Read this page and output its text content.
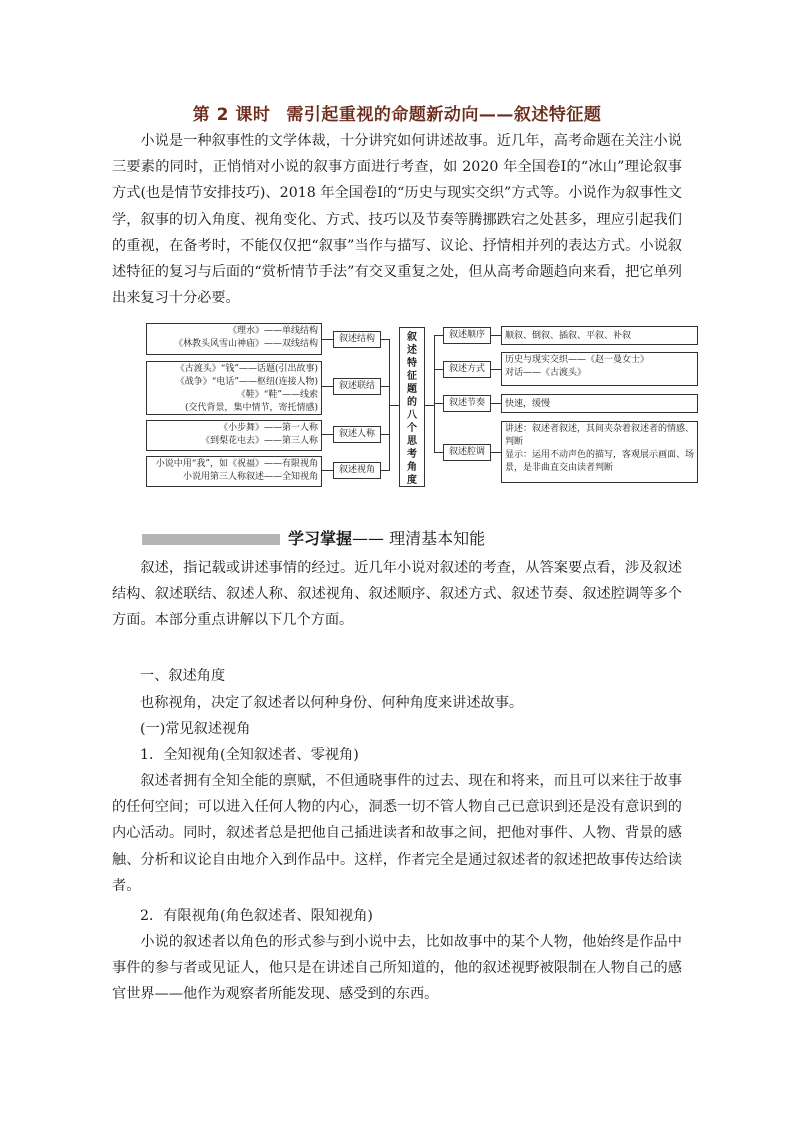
第 2 课时 需引起重视的命题新动向——叙述特征题

小说是一种叙事性的文学体裁，十分讲究如何讲述故事。近几年，高考命题在关注小说三要素的同时，正悄悄对小说的叙事方面进行考查，如 2020 年全国卷Ⅰ的“冰山”理论叙事方式(也是情节安排技巧)、2018 年全国卷Ⅰ的“历史与现实交织”方式等。小说作为叙事性文学，叙事的切入角度、视角变化、方式、技巧以及节奏等腾挪跌宕之处甚多，理应引起我们的重视，在备考时，不能仅仅把“叙事”当作与描写、议论、抒情相并列的表达方式。小说叙述特征的复习与后面的“赏析情节手法”有交叉重复之处，但从高考命题趋向来看，把它单列出来复习十分必要。

《理水》——单线结构
《林教头风雪山神庙》——双线结构	叙述结构
《古渡头》“钱”——话题(引出故事)
《战争》“电话”——枢纽(连接人物)
《鞋》“鞋”——线索
(交代背景，集中情节，寄托情感)
叙述联结
《小步舞》——第一人称
《到梨花屯去》——第三人称
叙述人称
小说中用“我”，如《祝福》——有限视角
小说用第三人称叙述——全知视角
叙述视角
叙
述
特
征
题
的
八
个
思
考
角
度
叙述顺序
叙述方式
叙述节奏
叙述腔调
顺叙、倒叙、插叙、平叙、补叙
历史与现实交织——《赵一曼女士》
对话——《古渡头》
快速，缓慢
讲述：叙述者叙述，其间夹杂着叙述者的情感、判断
显示：运用不动声色的描写，客观展示画面、场景，是非曲直交由读者判断
学习掌握—— 理清基本知能

叙述，指记载或讲述事情的经过。近几年小说对叙述的考查，从答案要点看，涉及叙述结构、叙述联结、叙述人称、叙述视角、叙述顺序、叙述方式、叙述节奏、叙述腔调等多个方面。本部分重点讲解以下几个方面。

一、叙述角度

也称视角，决定了叙述者以何种身份、何种角度来讲述故事。

(一)常见叙述视角

1．全知视角(全知叙述者、零视角)

叙述者拥有全知全能的禀赋，不但通晓事件的过去、现在和将来，而且可以来往于故事的任何空间；可以进入任何人物的内心，洞悉一切不管人物自己已意识到还是没有意识到的内心活动。同时，叙述者总是把他自己插进读者和故事之间，把他对事件、人物、背景的感触、分析和议论自由地介入到作品中。这样，作者完全是通过叙述者的叙述把故事传达给读者。

2．有限视角(角色叙述者、限知视角)

小说的叙述者以角色的形式参与到小说中去，比如故事中的某个人物，他始终是作品中事件的参与者或见证人，他只是在讲述自己所知道的，他的叙述视野被限制在人物自己的感官世界——他作为观察者所能发现、感受到的东西。
